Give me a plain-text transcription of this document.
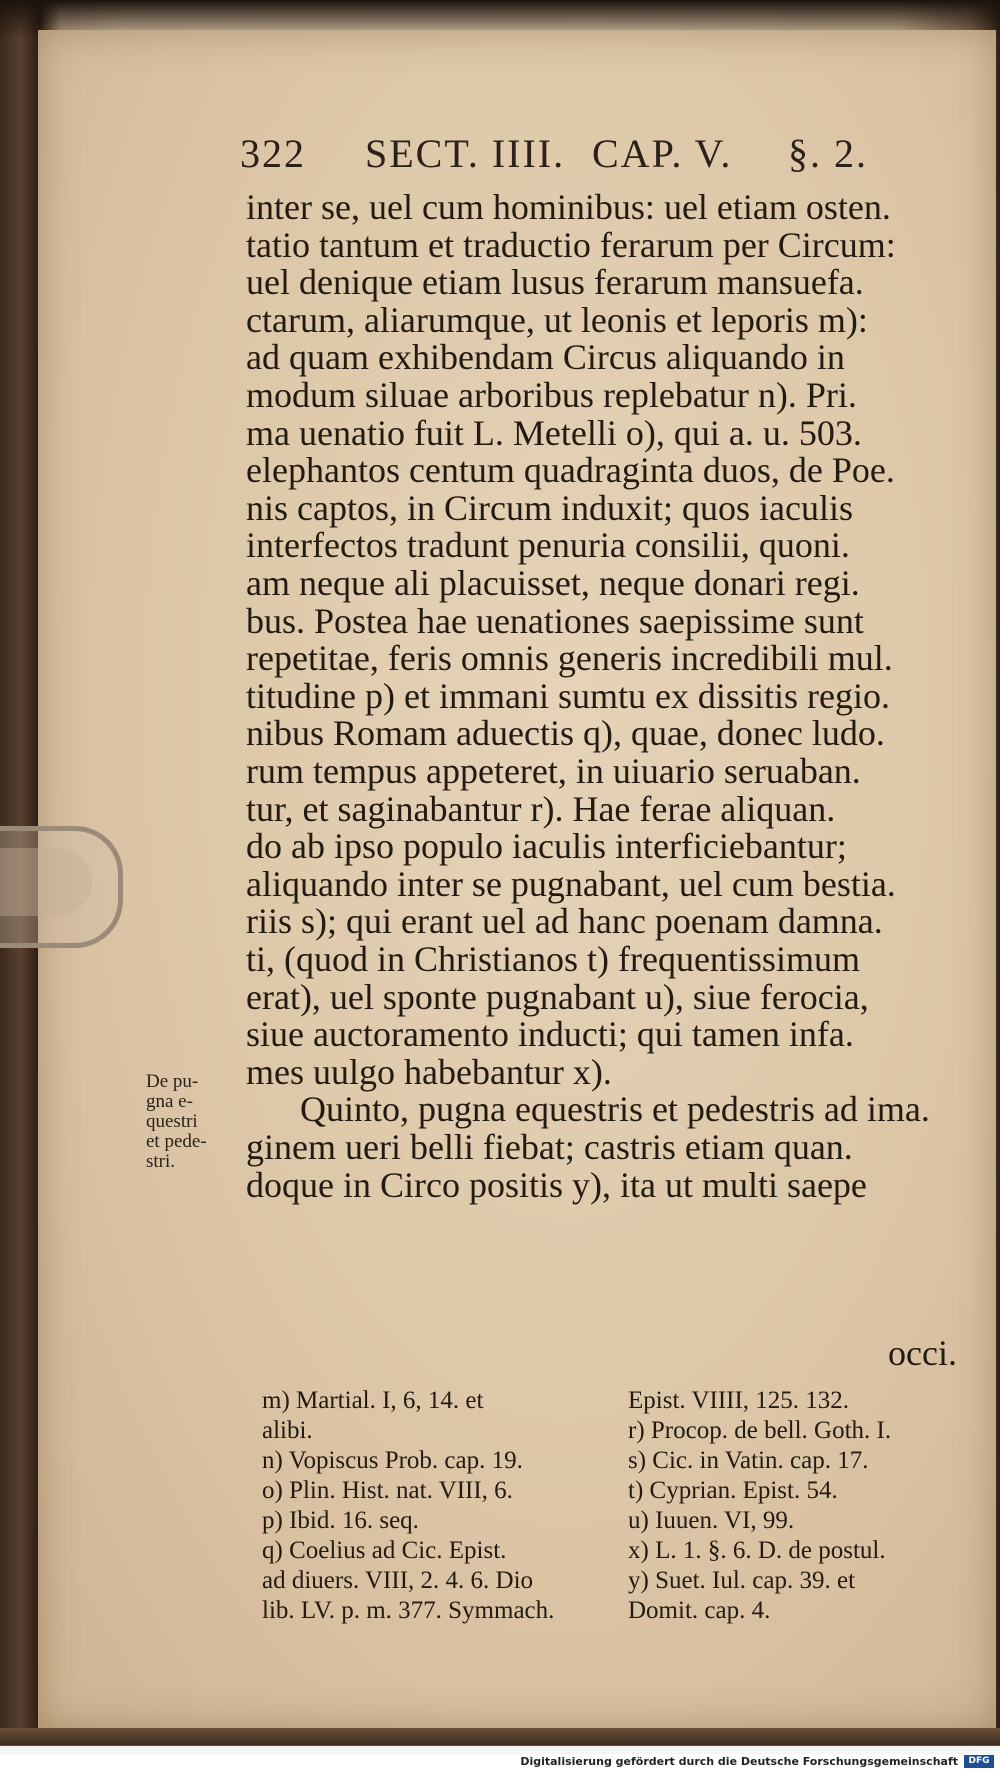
322 SECT. IIII. CAP. V. §. 2.
inter se, uel cum hominibus: uel etiam osten.
tatio tantum et traductio ferarum per Circum:
uel denique etiam lusus ferarum mansuefa.
ctarum, aliarumque, ut leonis et leporis m):
ad quam exhibendam Circus aliquando in
modum siluae arboribus replebatur n). Pri.
ma uenatio fuit L. Metelli o), qui a. u. 503.
elephantos centum quadraginta duos, de Poe.
nis captos, in Circum induxit; quos iaculis
interfectos tradunt penuria consilii, quoni.
am neque ali placuisset, neque donari regi.
bus. Postea hae uenationes saepissime sunt
repetitae, feris omnis generis incredibili mul.
titudine p) et immani sumtu ex dissitis regio.
nibus Romam aduectis q), quae, donec ludo.
rum tempus appeteret, in uiuario seruaban.
tur, et saginabantur r). Hae ferae aliquan.
do ab ipso populo iaculis interficiebantur;
aliquando inter se pugnabant, uel cum bestia.
riis s); qui erant uel ad hanc poenam damna.
ti, (quod in Christianos t) frequentissimum
erat), uel sponte pugnabant u), siue ferocia,
siue auctoramento inducti; qui tamen infa.
mes uulgo habebantur x).
Quinto, pugna equestris et pedestris ad ima.
ginem ueri belli fiebat; castris etiam quan.
doque in Circo positis y), ita ut multi saepe
De pu-
gna e-
questri
et pede-
stri.
occi.
m) Martial. I, 6, 14. et
alibi.
n) Vopiscus Prob. cap. 19.
o) Plin. Hist. nat. VIII, 6.
p) Ibid. 16. seq.
q) Coelius ad Cic. Epist.
ad diuers. VIII, 2. 4. 6. Dio
lib. LV. p. m. 377. Symmach.
Epist. VIIII, 125. 132.
r) Procop. de bell. Goth. I.
s) Cic. in Vatin. cap. 17.
t) Cyprian. Epist. 54.
u) Iuuen. VI, 99.
x) L. 1. §. 6. D. de postul.
y) Suet. Iul. cap. 39. et
Domit. cap. 4.
Digitalisierung gefördert durch die Deutsche Forschungsgemeinschaft	DFG
